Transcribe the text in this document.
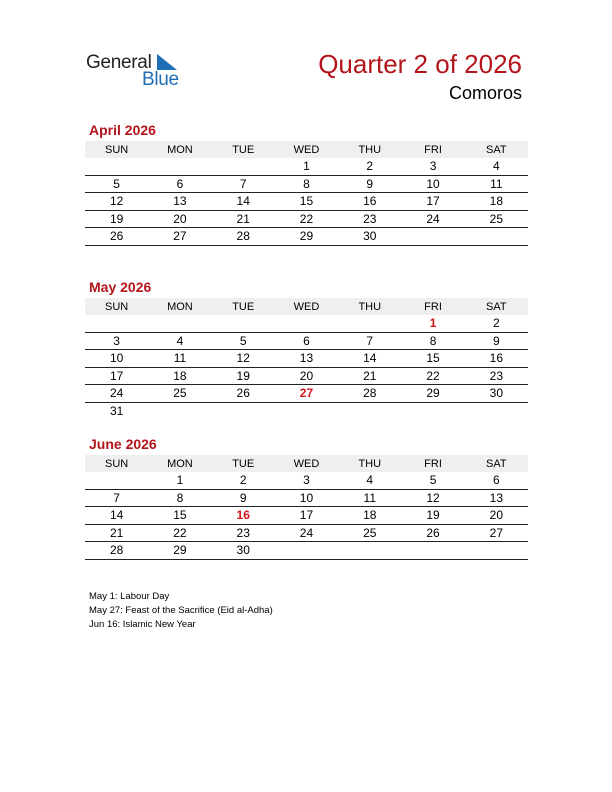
General
Blue
Quarter 2 of 2026
Comoros
April 2026
SUN	MON	TUE	WED	THU	FRI	SAT
			1	2	3	4
5	6	7	8	9	10	11
12	13	14	15	16	17	18
19	20	21	22	23	24	25
26	27	28	29	30		
May 2026
SUN	MON	TUE	WED	THU	FRI	SAT
					1	2
3	4	5	6	7	8	9
10	11	12	13	14	15	16
17	18	19	20	21	22	23
24	25	26	27	28	29	30
31						
June 2026
SUN	MON	TUE	WED	THU	FRI	SAT
	1	2	3	4	5	6
7	8	9	10	11	12	13
14	15	16	17	18	19	20
21	22	23	24	25	26	27
28	29	30				
May 1: Labour Day
May 27: Feast of the Sacrifice (Eid al-Adha)
Jun 16: Islamic New Year
